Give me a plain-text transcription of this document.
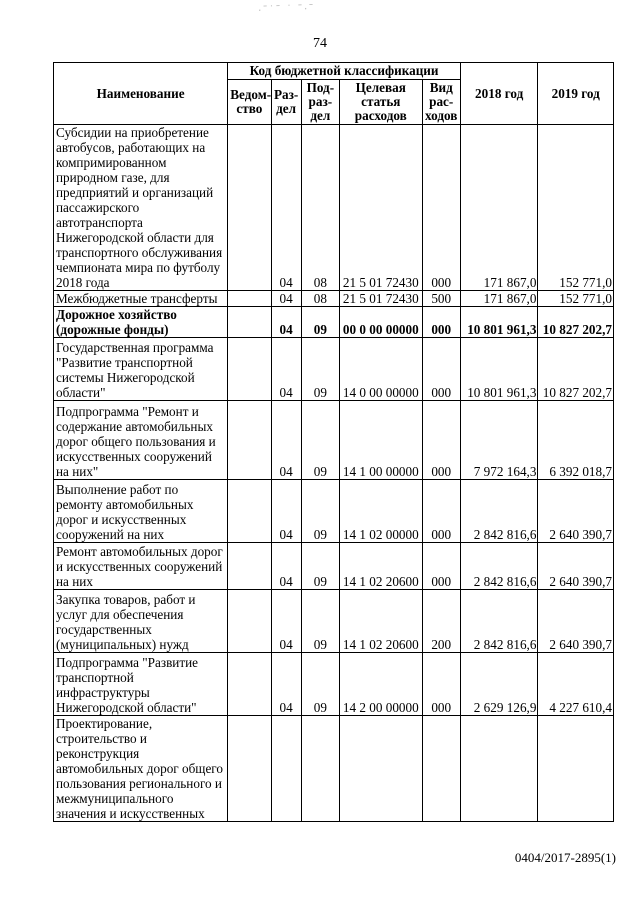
·ˉ˙ˉ ˙ ˉ·ˉ
74
Наименование	Код бюджетной классификации					2018 год	2019 год
	Ведом- ство	Раз- дел	Под- раз- дел	Целевая статья расходов	Вид рас- ходов		
Субсидии на приобретение автобусов, работающих на компримированном природном газе, для предприятий и организаций пассажирского автотранспорта Нижегородской области для транспортного обслуживания чемпионата мира по футболу 2018 года		04	08	21 5 01 72430	000	171 867,0	152 771,0
Межбюджетные трансферты		04	08	21 5 01 72430	500	171 867,0	152 771,0
Дорожное хозяйство (дорожные фонды)		04	09	00 0 00 00000	000	10 801 961,3	10 827 202,7
Государственная программа "Развитие транспортной системы Нижегородской области"		04	09	14 0 00 00000	000	10 801 961,3	10 827 202,7
Подпрограмма "Ремонт и содержание автомобильных дорог общего пользования и искусственных сооружений на них"		04	09	14 1 00 00000	000	7 972 164,3	6 392 018,7
Выполнение работ по ремонту автомобильных дорог и искусственных сооружений на них		04	09	14 1 02 00000	000	2 842 816,6	2 640 390,7
Ремонт автомобильных дорог и искусственных сооружений на них		04	09	14 1 02 20600	000	2 842 816,6	2 640 390,7
Закупка товаров, работ и услуг для обеспечения государственных (муниципальных) нужд		04	09	14 1 02 20600	200	2 842 816,6	2 640 390,7
Подпрограмма "Развитие транспортной инфраструктуры Нижегородской области"		04	09	14 2 00 00000	000	2 629 126,9	4 227 610,4
Проектирование, строительство и реконструкция автомобильных дорог общего пользования регионального и межмуниципального значения и искусственных							
0404/2017-2895(1)
